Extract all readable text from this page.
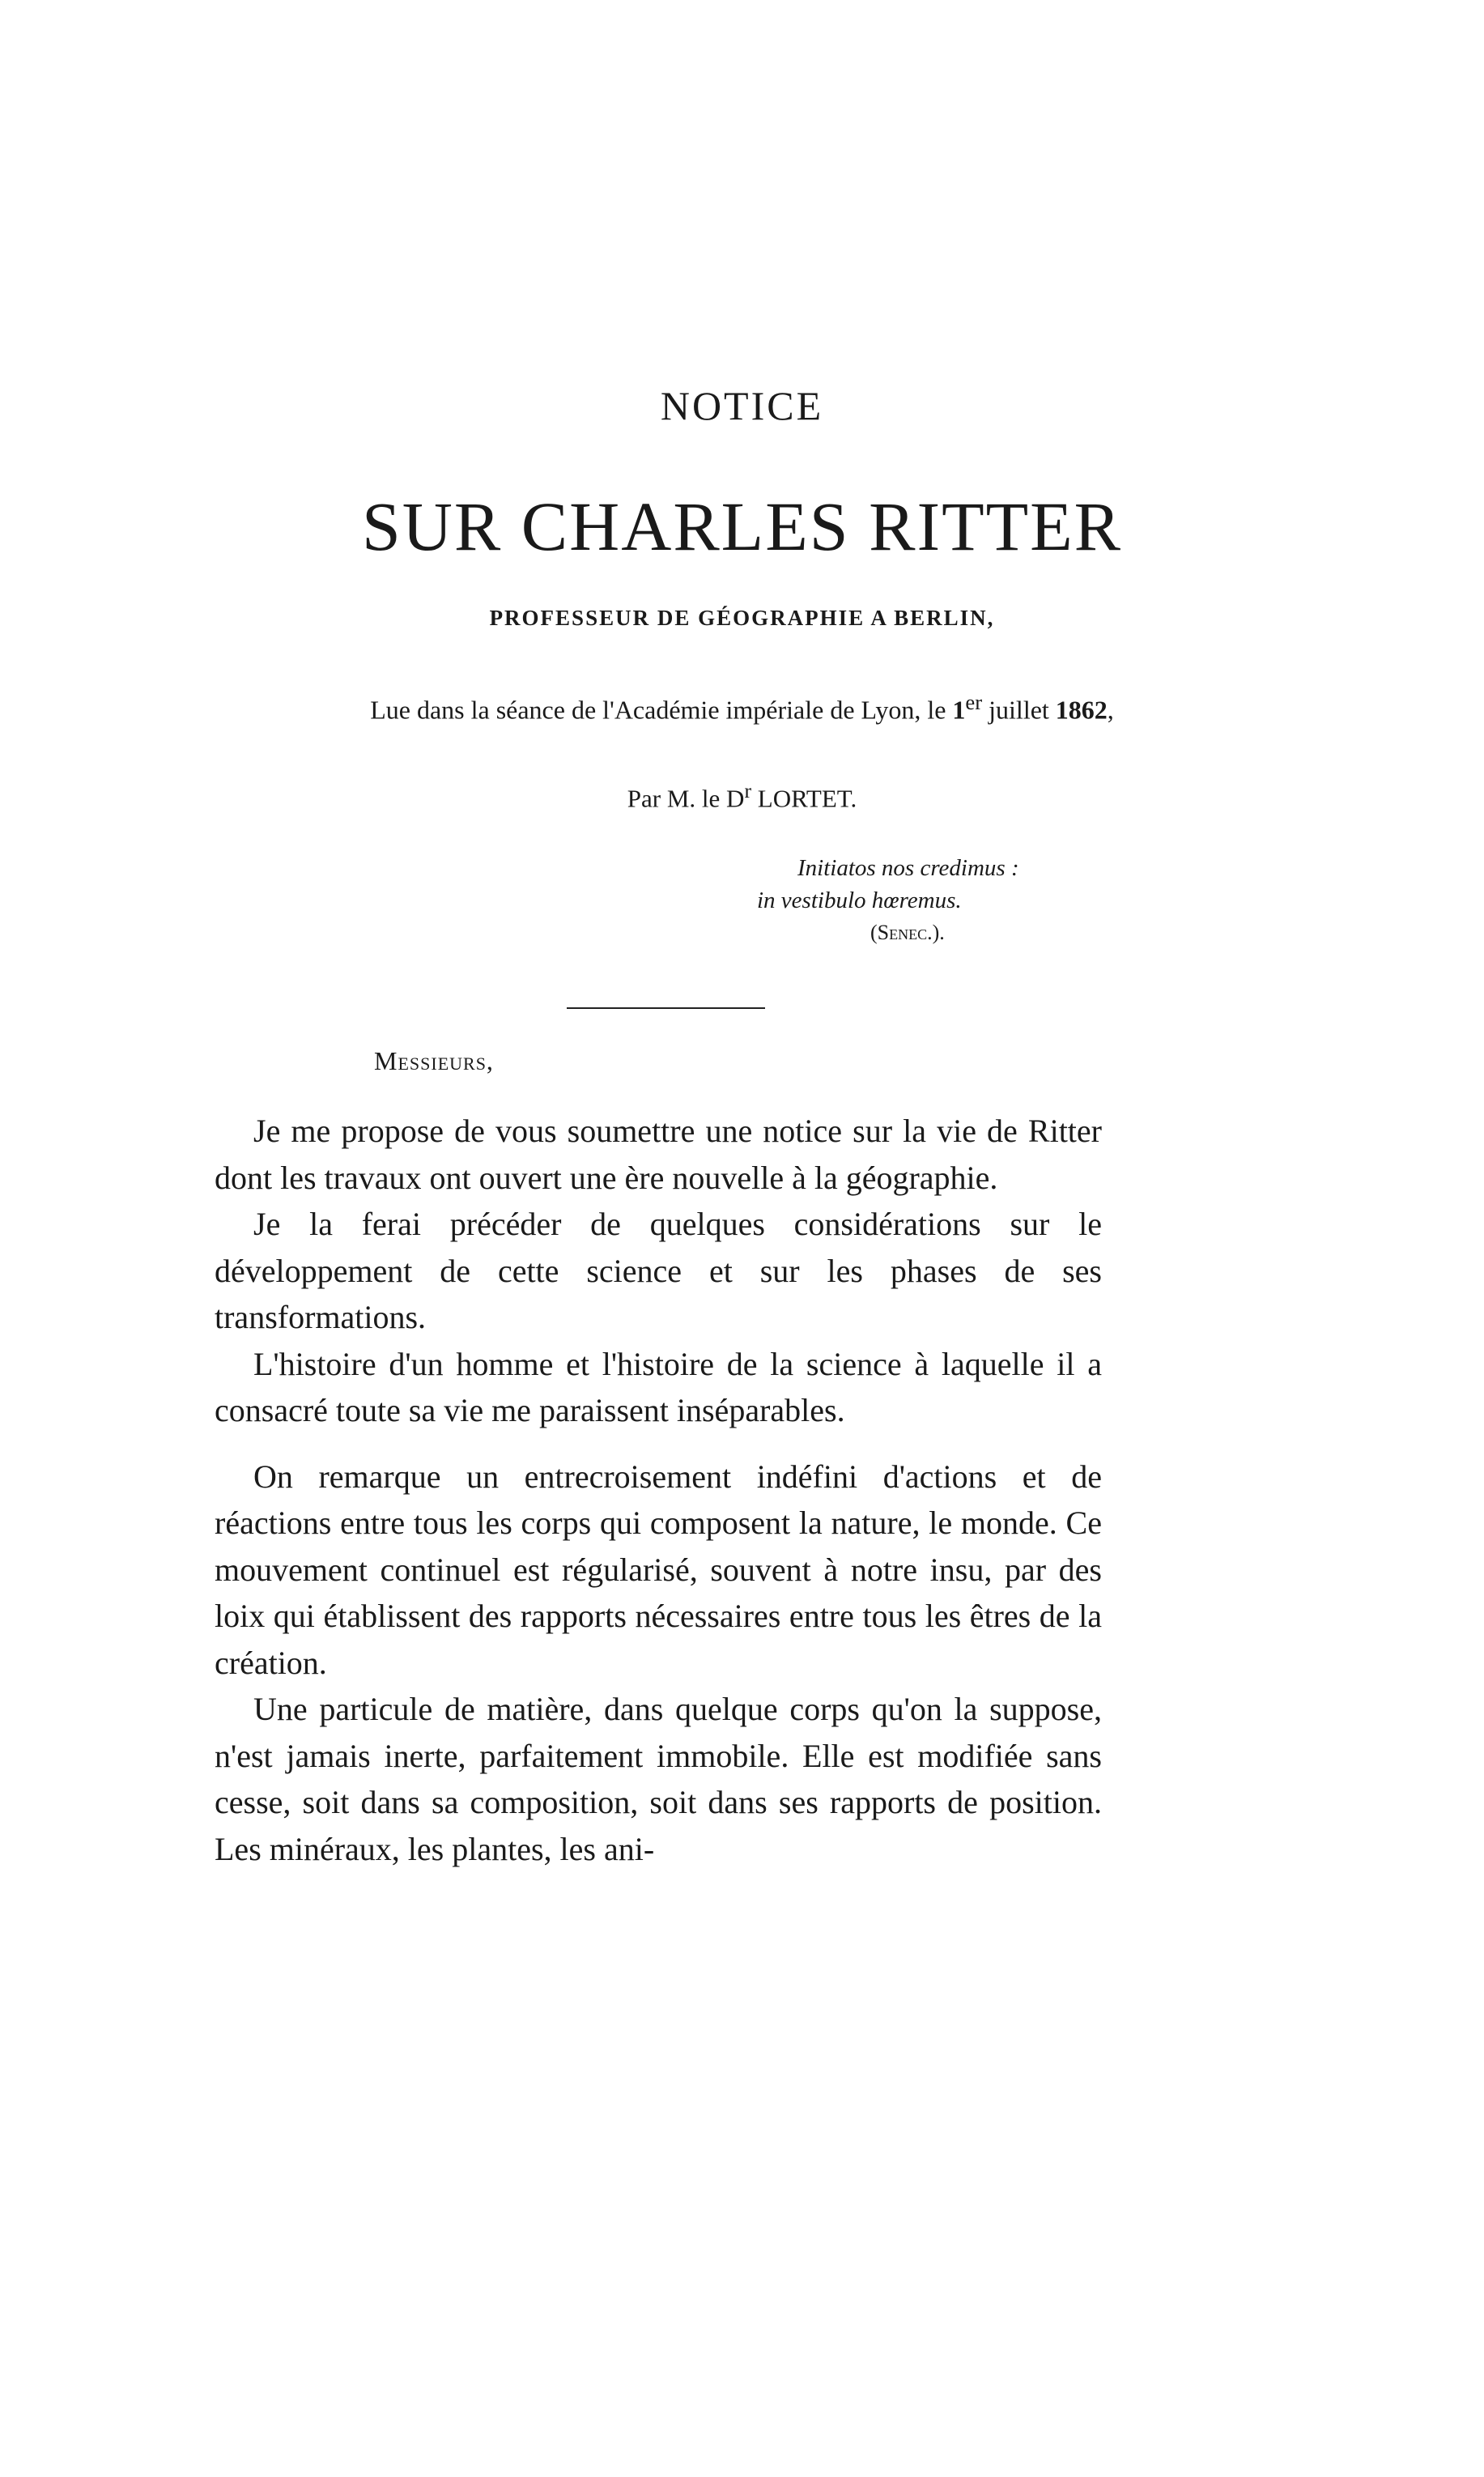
NOTICE
SUR CHARLES RITTER
PROFESSEUR DE GÉOGRAPHIE A BERLIN,
Lue dans la séance de l'Académie impériale de Lyon, le 1er juillet 1862,
Par M. le $D^r$ LORTET.
Initiatos nos credimus :
in vestibulo hœremus.
(Senec.).
Messieurs,

Je me propose de vous soumettre une notice sur la vie de Ritter dont les travaux ont ouvert une ère nouvelle à la géographie.

Je la ferai précéder de quelques considérations sur le développement de cette science et sur les phases de ses transformations.

L'histoire d'un homme et l'histoire de la science à laquelle il a consacré toute sa vie me paraissent inséparables.

On remarque un entrecroisement indéfini d'actions et de réactions entre tous les corps qui composent la nature, le monde. Ce mouvement continuel est régularisé, souvent à notre insu, par des loix qui établissent des rapports nécessaires entre tous les êtres de la création.

Une particule de matière, dans quelque corps qu'on la suppose, n'est jamais inerte, parfaitement immobile. Elle est modifiée sans cesse, soit dans sa composition, soit dans ses rapports de position. Les minéraux, les plantes, les ani-
